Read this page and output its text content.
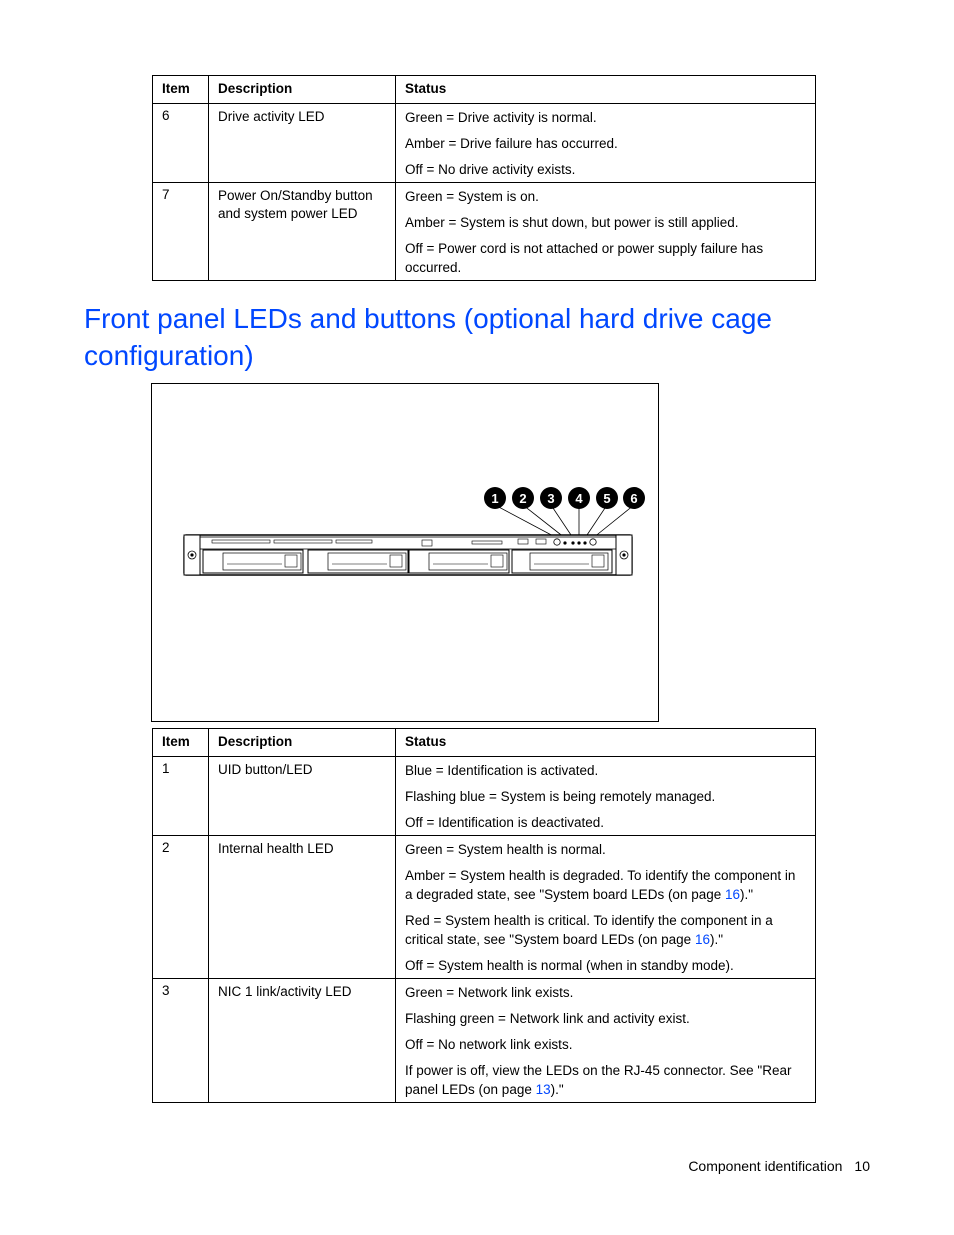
Item	Description	Status
6	Drive activity LED	Green = Drive activity is normal.

Amber = Drive failure has occurred.

Off = No drive activity exists.

7	Power On/Standby button and system power LED	Green = System is on.

Amber = System is shut down, but power is still applied.

Off = Power cord is not attached or power supply failure has occurred.

Front panel LEDs and buttons (optional hard drive cage configuration)
1 2 3 4 5 6
Item	Description	Status
1	UID button/LED	Blue = Identification is activated.

Flashing blue = System is being remotely managed.

Off = Identification is deactivated.

2	Internal health LED	Green = System health is normal.

Amber = System health is degraded. To identify the component in a degraded state, see "System board LEDs (on page 16)."

Red = System health is critical. To identify the component in a critical state, see "System board LEDs (on page 16)."

Off = System health is normal (when in standby mode).

3	NIC 1 link/activity LED	Green = Network link exists.

Flashing green = Network link and activity exist.

Off = No network link exists.

If power is off, view the LEDs on the RJ-45 connector. See "Rear panel LEDs (on page 13)."

Component identification 10
